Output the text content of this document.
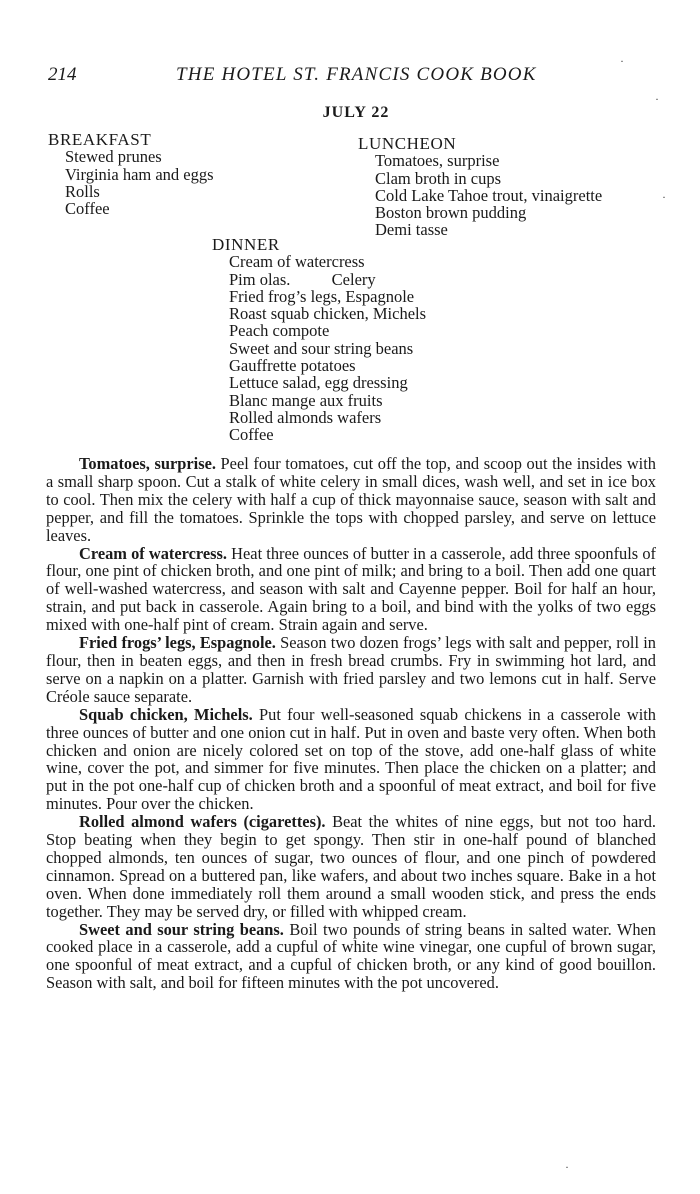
214	THE HOTEL ST. FRANCIS COOK BOOK
JULY 22
BREAKFAST
Stewed prunes
Virginia ham and eggs
Rolls
Coffee
LUNCHEON
Tomatoes, surprise
Clam broth in cups
Cold Lake Tahoe trout, vinaigrette
Boston brown pudding
Demi tasse
DINNER
Cream of watercress
Pim olas.          Celery
Fried frog’s legs, Espagnole
Roast squab chicken, Michels
Peach compote
Sweet and sour string beans
Gauffrette potatoes
Lettuce salad, egg dressing
Blanc mange aux fruits
Rolled almonds wafers
Coffee

Tomatoes, surprise. Peel four tomatoes, cut off the top, and scoop out the insides with a small sharp spoon. Cut a stalk of white celery in small dices, wash well, and set in ice box to cool. Then mix the celery with half a cup of thick mayonnaise sauce, season with salt and pepper, and fill the tomatoes. Sprinkle the tops with chopped parsley, and serve on lettuce leaves.

Cream of watercress. Heat three ounces of butter in a casserole, add three spoonfuls of flour, one pint of chicken broth, and one pint of milk; and bring to a boil. Then add one quart of well-washed watercress, and season with salt and Cayenne pepper. Boil for half an hour, strain, and put back in casserole. Again bring to a boil, and bind with the yolks of two eggs mixed with one-half pint of cream. Strain again and serve.

Fried frogs’ legs, Espagnole. Season two dozen frogs’ legs with salt and pepper, roll in flour, then in beaten eggs, and then in fresh bread crumbs. Fry in swimming hot lard, and serve on a napkin on a platter. Garnish with fried parsley and two lemons cut in half. Serve Créole sauce separate.

Squab chicken, Michels. Put four well-seasoned squab chickens in a casserole with three ounces of butter and one onion cut in half. Put in oven and baste very often. When both chicken and onion are nicely colored set on top of the stove, add one-half glass of white wine, cover the pot, and simmer for five minutes. Then place the chicken on a platter; and put in the pot one-half cup of chicken broth and a spoonful of meat extract, and boil for five minutes. Pour over the chicken.

Rolled almond wafers (cigarettes). Beat the whites of nine eggs, but not too hard. Stop beating when they begin to get spongy. Then stir in one-half pound of blanched chopped almonds, ten ounces of sugar, two ounces of flour, and one pinch of powdered cinnamon. Spread on a buttered pan, like wafers, and about two inches square. Bake in a hot oven. When done immediately roll them around a small wooden stick, and press the ends together. They may be served dry, or filled with whipped cream.

Sweet and sour string beans. Boil two pounds of string beans in salted water. When cooked place in a casserole, add a cupful of white wine vinegar, one cupful of brown sugar, one spoonful of meat extract, and a cupful of chicken broth, or any kind of good bouillon. Season with salt, and boil for fifteen minutes with the pot uncovered.

·
·
·
·
